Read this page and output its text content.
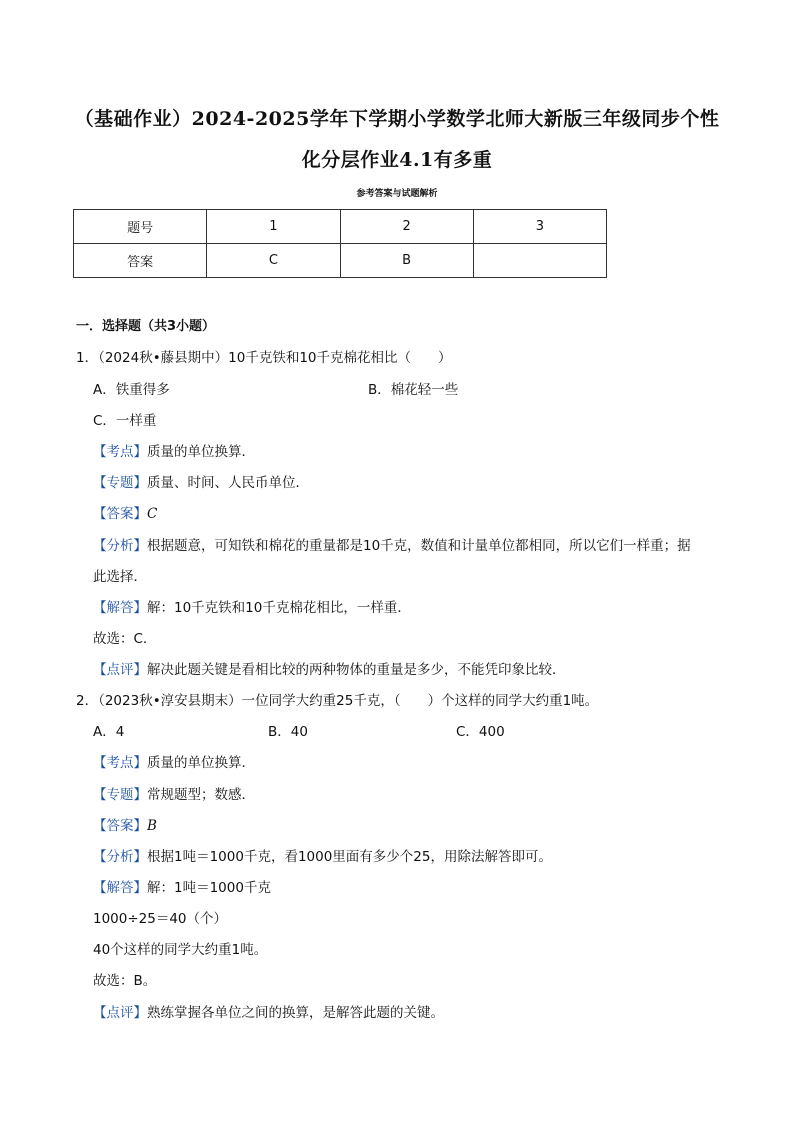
（基础作业）2024-2025学年下学期小学数学北师大新版三年级同步个性
化分层作业4.1有多重
参考答案与试题解析
题号	1	2	3
答案	C	B	
一．选择题（共3小题）
1．（2024秋•藤县期中）10千克铁和10千克棉花相比（　　）
A．铁重得多	B．棉花轻一些
C．一样重
【考点】质量的单位换算．
【专题】质量、时间、人民币单位．
【答案】C
【分析】根据题意，可知铁和棉花的重量都是10千克，数值和计量单位都相同，所以它们一样重；据
此选择．
【解答】解：10千克铁和10千克棉花相比，一样重．
故选：C．
【点评】解决此题关键是看相比较的两种物体的重量是多少，不能凭印象比较．
2．（2023秋•淳安县期末）一位同学大约重25千克，（　　）个这样的同学大约重1吨。
A．4	B．40	C．400
【考点】质量的单位换算．
【专题】常规题型；数感．
【答案】B
【分析】根据1吨＝1000千克，看1000里面有多少个25，用除法解答即可。
【解答】解：1吨＝1000千克
1000÷25＝40（个）
40个这样的同学大约重1吨。
故选：B。
【点评】熟练掌握各单位之间的换算，是解答此题的关键。
